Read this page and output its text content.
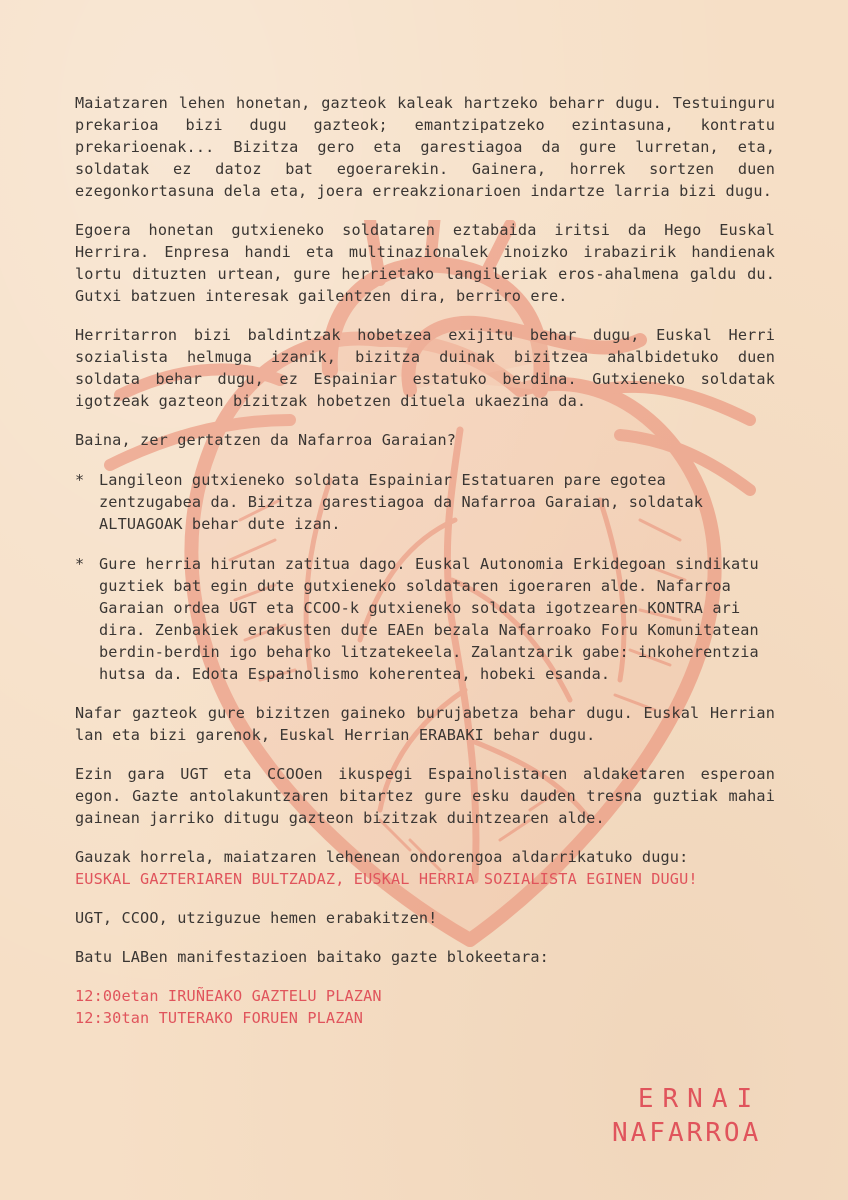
Maiatzaren lehen honetan, gazteok kaleak hartzeko beharr dugu. Testuinguru prekarioa bizi dugu gazteok; emantzipatzeko ezintasuna, kontratu prekarioenak... Bizitza gero eta garestiagoa da gure lurretan, eta, soldatak ez datoz bat egoerarekin. Gainera, horrek sortzen duen ezegonkortasuna dela eta, joera erreakzionarioen indartze larria bizi dugu.

Egoera honetan gutxieneko soldataren eztabaida iritsi da Hego Euskal Herrira. Enpresa handi eta multinazionalek inoizko irabazirik handienak lortu dituzten urtean, gure herrietako langileriak eros-ahalmena galdu du. Gutxi batzuen interesak gailentzen dira, berriro ere.

Herritarron bizi baldintzak hobetzea exijitu behar dugu, Euskal Herri sozialista helmuga izanik, bizitza duinak bizitzea ahalbidetuko duen soldata behar dugu, ez Espainiar estatuko berdina. Gutxieneko soldatak igotzeak gazteon bizitzak hobetzen dituela ukaezina da.

Baina, zer gertatzen da Nafarroa Garaian?

* Langileon gutxieneko soldata Espainiar Estatuaren pare egotea zentzugabea da. Bizitza garestiagoa da Nafarroa Garaian, soldatak ALTUAGOAK behar dute izan.
* Gure herria hirutan zatitua dago. Euskal Autonomia Erkidegoan sindikatu guztiek bat egin dute gutxieneko soldataren igoeraren alde. Nafarroa Garaian ordea UGT eta CCOO-k gutxieneko soldata igotzearen KONTRA ari dira. Zenbakiek erakusten dute EAEn bezala Nafarroako Foru Komunitatean berdin-berdin igo beharko litzatekeela. Zalantzarik gabe: inkoherentzia hutsa da. Edota Espainolismo koherentea, hobeki esanda.

Nafar gazteok gure bizitzen gaineko burujabetza behar dugu. Euskal Herrian lan eta bizi garenok, Euskal Herrian ERABAKI behar dugu.

Ezin gara UGT eta CCOOen ikuspegi Espainolistaren aldaketaren esperoan egon. Gazte antolakuntzaren bitartez gure esku dauden tresna guztiak mahai gainean jarriko ditugu gazteon bizitzak duintzearen alde.

Gauzak horrela, maiatzaren lehenean ondorengoa aldarrikatuko dugu:

EUSKAL GAZTERIAREN BULTZADAZ, EUSKAL HERRIA SOZIALISTA EGINEN DUGU!

UGT, CCOO, utziguzue hemen erabakitzen!

Batu LABen manifestazioen baitako gazte blokeetara:

12:00etan IRUÑEAKO GAZTELU PLAZAN

12:30tan TUTERAKO FORUEN PLAZAN

ERNAI
NAFARROA
